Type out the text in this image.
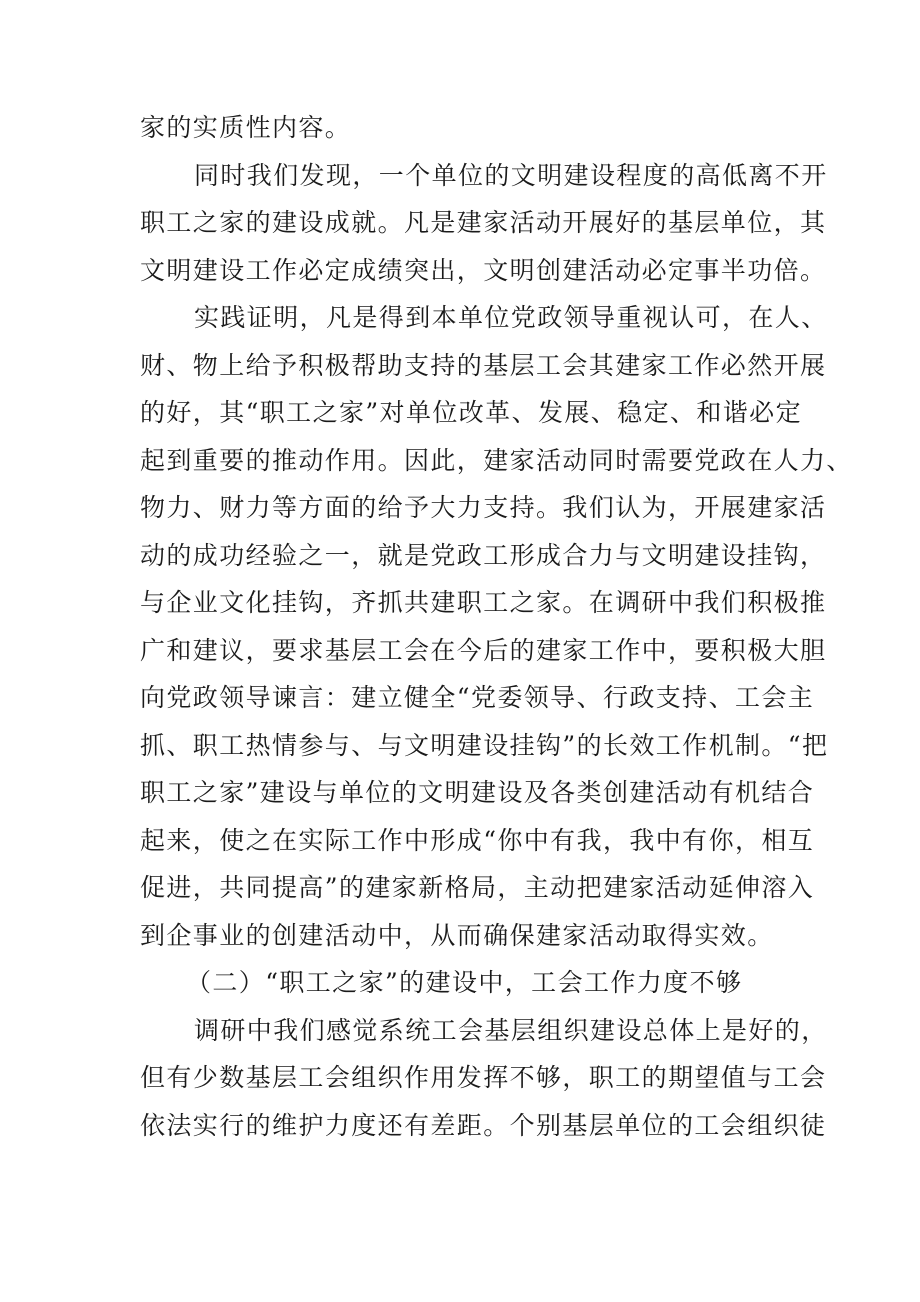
家的实质性内容。
同时我们发现，一个单位的文明建设程度的高低离不开
职工之家的建设成就。凡是建家活动开展好的基层单位，其
文明建设工作必定成绩突出，文明创建活动必定事半功倍。
实践证明，凡是得到本单位党政领导重视认可，在人、
财、物上给予积极帮助支持的基层工会其建家工作必然开展
的好，其“职工之家”对单位改革、发展、稳定、和谐必定
起到重要的推动作用。因此，建家活动同时需要党政在人力、
物力、财力等方面的给予大力支持。我们认为，开展建家活
动的成功经验之一，就是党政工形成合力与文明建设挂钩，
与企业文化挂钩，齐抓共建职工之家。在调研中我们积极推
广和建议，要求基层工会在今后的建家工作中，要积极大胆
向党政领导谏言：建立健全“党委领导、行政支持、工会主
抓、职工热情参与、与文明建设挂钩”的长效工作机制。“把
职工之家”建设与单位的文明建设及各类创建活动有机结合
起来，使之在实际工作中形成“你中有我，我中有你，相互
促进，共同提高”的建家新格局，主动把建家活动延伸溶入
到企事业的创建活动中，从而确保建家活动取得实效。
（二）“职工之家”的建设中，工会工作力度不够
调研中我们感觉系统工会基层组织建设总体上是好的，
但有少数基层工会组织作用发挥不够，职工的期望值与工会
依法实行的维护力度还有差距。个别基层单位的工会组织徒
